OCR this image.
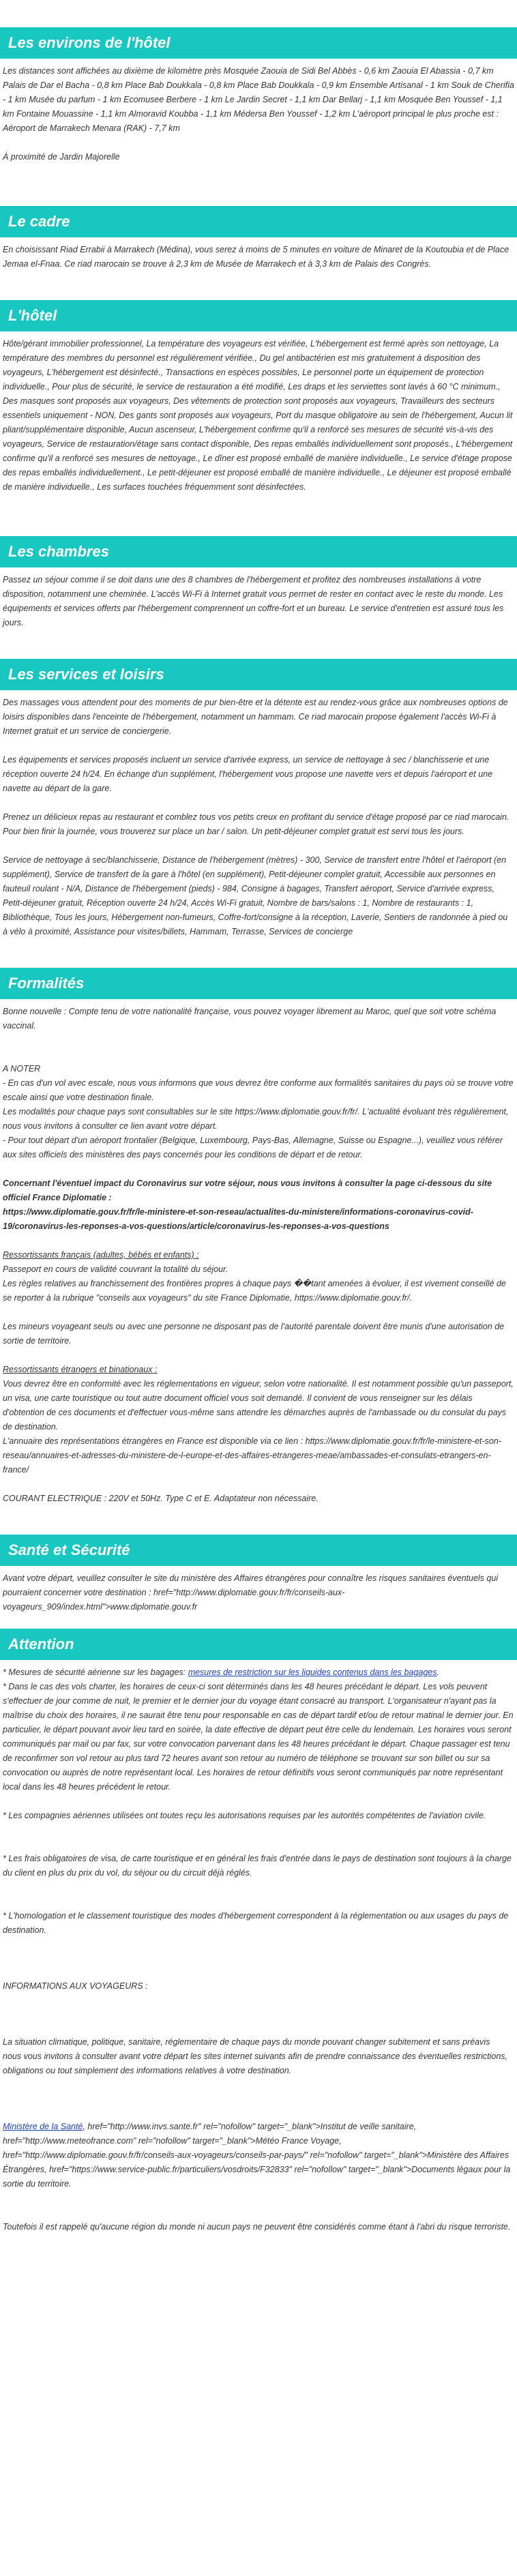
Les environs de l'hôtel

Les distances sont affichées au dixième de kilomètre près Mosquée Zaouia de Sidi Bel Abbès - 0,6 km Zaouia El Abassia - 0,7 km Palais de Dar el Bacha - 0,8 km Place Bab Doukkala - 0,8 km Place Bab Doukkala - 0,9 km Ensemble Artisanal - 1 km Souk de Cherifia - 1 km Musée du parfum - 1 km Ecomusee Berbere - 1 km Le Jardin Secret - 1,1 km Dar Bellarj - 1,1 km Mosquée Ben Youssef - 1,1 km Fontaine Mouassine - 1,1 km Almoravid Koubba - 1,1 km Médersa Ben Youssef - 1,2 km L'aéroport principal le plus proche est : Aéroport de Marrakech Menara (RAK) - 7,7 km

À proximité de Jardin Majorelle

Le cadre

En choisissant Riad Errabii à Marrakech (Médina), vous serez à moins de 5 minutes en voiture de Minaret de la Koutoubia et de Place Jemaa el-Fnaa. Ce riad marocain se trouve à 2,3 km de Musée de Marrakech et à 3,3 km de Palais des Congrès.

L'hôtel

Hôte/gérant immobilier professionnel, La température des voyageurs est vérifiée, L'hébergement est fermé après son nettoyage, La température des membres du personnel est régulièrement vérifiée., Du gel antibactérien est mis gratuitement à disposition des voyageurs, L'hébergement est désinfecté., Transactions en espèces possibles, Le personnel porte un équipement de protection individuelle., Pour plus de sécurité, le service de restauration a été modifié, Les draps et les serviettes sont lavés à 60 °C minimum., Des masques sont proposés aux voyageurs, Des vêtements de protection sont proposés aux voyageurs, Travailleurs des secteurs essentiels uniquement - NON, Des gants sont proposés aux voyageurs, Port du masque obligatoire au sein de l'hébergement, Aucun lit pliant/supplémentaire disponible, Aucun ascenseur, L'hébergement confirme qu'il a renforcé ses mesures de sécurité vis-à-vis des voyageurs, Service de restauration/étage sans contact disponible, Des repas emballés individuellement sont proposés., L'hébergement confirme qu'il a renforcé ses mesures de nettoyage., Le dîner est proposé emballé de manière individuelle., Le service d'étage propose des repas emballés individuellement., Le petit-déjeuner est proposé emballé de manière individuelle., Le déjeuner est proposé emballé de manière individuelle., Les surfaces touchées fréquemment sont désinfectées.

Les chambres

Passez un séjour comme il se doit dans une des 8 chambres de l'hébergement et profitez des nombreuses installations à votre disposition, notamment une cheminée. L'accès Wi-Fi à Internet gratuit vous permet de rester en contact avec le reste du monde. Les équipements et services offerts par l'hébergement comprennent un coffre-fort et un bureau. Le service d'entretien est assuré tous les jours.

Les services et loisirs

Des massages vous attendent pour des moments de pur bien-être et la détente est au rendez-vous grâce aux nombreuses options de loisirs disponibles dans l'enceinte de l'hébergement, notamment un hammam. Ce riad marocain propose également l'accès Wi-Fi à Internet gratuit et un service de conciergerie.

Les équipements et services proposés incluent un service d'arrivée express, un service de nettoyage à sec / blanchisserie et une réception ouverte 24 h/24. En échange d'un supplément, l'hébergement vous propose une navette vers et depuis l'aéroport et une navette au départ de la gare.

Prenez un délicieux repas au restaurant et comblez tous vos petits creux en profitant du service d'étage proposé par ce riad marocain. Pour bien finir la journée, vous trouverez sur place un bar / salon. Un petit-déjeuner complet gratuit est servi tous les jours.

Service de nettoyage à sec/blanchisserie, Distance de l'hébergement (mètres) - 300, Service de transfert entre l'hôtel et l'aéroport (en supplément), Service de transfert de la gare à l'hôtel (en supplément), Petit-déjeuner complet gratuit, Accessible aux personnes en fauteuil roulant - N/A, Distance de l'hébergement (pieds) - 984, Consigne à bagages, Transfert aéroport, Service d'arrivée express, Petit-déjeuner gratuit, Réception ouverte 24 h/24, Accès Wi-Fi gratuit, Nombre de bars/salons : 1, Nombre de restaurants : 1, Bibliothèque, Tous les jours, Hébergement non-fumeurs, Coffre-fort/consigne à la réception, Laverie, Sentiers de randonnée à pied ou à vélo à proximité, Assistance pour visites/billets, Hammam, Terrasse, Services de concierge

Formalités

Bonne nouvelle : Compte tenu de votre nationalité française, vous pouvez voyager librement au Maroc, quel que soit votre schéma vaccinal.

A NOTER

- En cas d'un vol avec escale, nous vous informons que vous devrez être conforme aux formalités sanitaires du pays où se trouve votre escale ainsi que votre destination finale.

Les modalités pour chaque pays sont consultables sur le site https://www.diplomatie.gouv.fr/fr/. L'actualité évoluant très régulièrement, nous vous invitons à consulter ce lien avant votre départ.

- Pour tout départ d'un aéroport frontalier (Belgique, Luxembourg, Pays-Bas, Allemagne, Suisse ou Espagne...), veuillez vous référer aux sites officiels des ministères des pays concernés pour les conditions de départ et de retour.

Concernant l'éventuel impact du Coronavirus sur votre séjour, nous vous invitons à consulter la page ci-dessous du site officiel France Diplomatie :

https://www.diplomatie.gouv.fr/fr/le-ministere-et-son-reseau/actualites-du-ministere/informations-coronavirus-covid-19/coronavirus-les-reponses-a-vos-questions/article/coronavirus-les-reponses-a-vos-questions

Ressortissants français (adultes, bébés et enfants) :

Passeport en cours de validité couvrant la totalité du séjour.

Les règles relatives au franchissement des frontières propres à chaque pays ��tant amenées à évoluer, il est vivement conseillé de se reporter à la rubrique "conseils aux voyageurs" du site France Diplomatie, https://www.diplomatie.gouv.fr/.

Les mineurs voyageant seuls ou avec une personne ne disposant pas de l'autorité parentale doivent être munis d'une autorisation de sortie de territoire.

Ressortissants étrangers et binationaux :

Vous devrez être en conformité avec les réglementations en vigueur, selon votre nationalité. Il est notamment possible qu'un passeport, un visa, une carte touristique ou tout autre document officiel vous soit demandé. Il convient de vous renseigner sur les délais d'obtention de ces documents et d'effectuer vous-même sans attendre les démarches auprès de l'ambassade ou du consulat du pays de destination.

L'annuaire des représentations étrangères en France est disponible via ce lien : https://www.diplomatie.gouv.fr/fr/le-ministere-et-son-reseau/annuaires-et-adresses-du-ministere-de-l-europe-et-des-affaires-etrangeres-meae/ambassades-et-consulats-etrangers-en-france/

COURANT ELECTRIQUE : 220V et 50Hz. Type C et E. Adaptateur non nécessaire.

Santé et Sécurité

Avant votre départ, veuillez consulter le site du ministère des Affaires étrangères pour connaître les risques sanitaires éventuels qui pourraient concerner votre destination : href="http://www.diplomatie.gouv.fr/fr/conseils-aux-voyageurs_909/index.html">www.diplomatie.gouv.fr

Attention

* Mesures de sécurité aérienne sur les bagages: mesures de restriction sur les liquides contenus dans les bagages.

* Dans le cas des vols charter, les horaires de ceux-ci sont déterminés dans les 48 heures précédant le départ. Les vols peuvent s'effectuer de jour comme de nuit, le premier et le dernier jour du voyage étant consacré au transport. L'organisateur n'ayant pas la maîtrise du choix des horaires, il ne saurait être tenu pour responsable en cas de départ tardif et/ou de retour matinal le dernier jour. En particulier, le départ pouvant avoir lieu tard en soirée, la date effective de départ peut être celle du lendemain. Les horaires vous seront communiqués par mail ou par fax, sur votre convocation parvenant dans les 48 heures précédant le départ. Chaque passager est tenu de reconfirmer son vol retour au plus tard 72 heures avant son retour au numéro de téléphone se trouvant sur son billet ou sur sa convocation ou auprès de notre représentant local. Les horaires de retour définitifs vous seront communiqués par notre représentant local dans les 48 heures précédent le retour.

* Les compagnies aériennes utilisées ont toutes reçu les autorisations requises par les autorités compétentes de l'aviation civile.

* Les frais obligatoires de visa, de carte touristique et en général les frais d'entrée dans le pays de destination sont toujours à la charge du client en plus du prix du vol, du séjour ou du circuit déjà réglés.

* L'homologation et le classement touristique des modes d'hébergement correspondent à la réglementation ou aux usages du pays de destination.

INFORMATIONS AUX VOYAGEURS :

La situation climatique, politique, sanitaire, réglementaire de chaque pays du monde pouvant changer subitement et sans préavis

nous vous invitons à consulter avant votre départ les sites internet suivants afin de prendre connaissance des éventuelles restrictions, obligations ou tout simplement des informations relatives à votre destination.

Ministère de la Santé, href="http://www.invs.sante.fr" rel="nofollow" target="_blank">Institut de veille sanitaire, href="http://www.meteofrance.com" rel="nofollow" target="_blank">Météo France Voyage, href="http://www.diplomatie.gouv.fr/fr/conseils-aux-voyageurs/conseils-par-pays/" rel="nofollow" target="_blank">Ministère des Affaires Étrangères, href="https://www.service-public.fr/particuliers/vosdroits/F32833" rel="nofollow" target="_blank">Documents légaux pour la sortie du territoire.

Toutefois il est rappelé qu'aucune région du monde ni aucun pays ne peuvent être considérés comme étant à l'abri du risque terroriste.
